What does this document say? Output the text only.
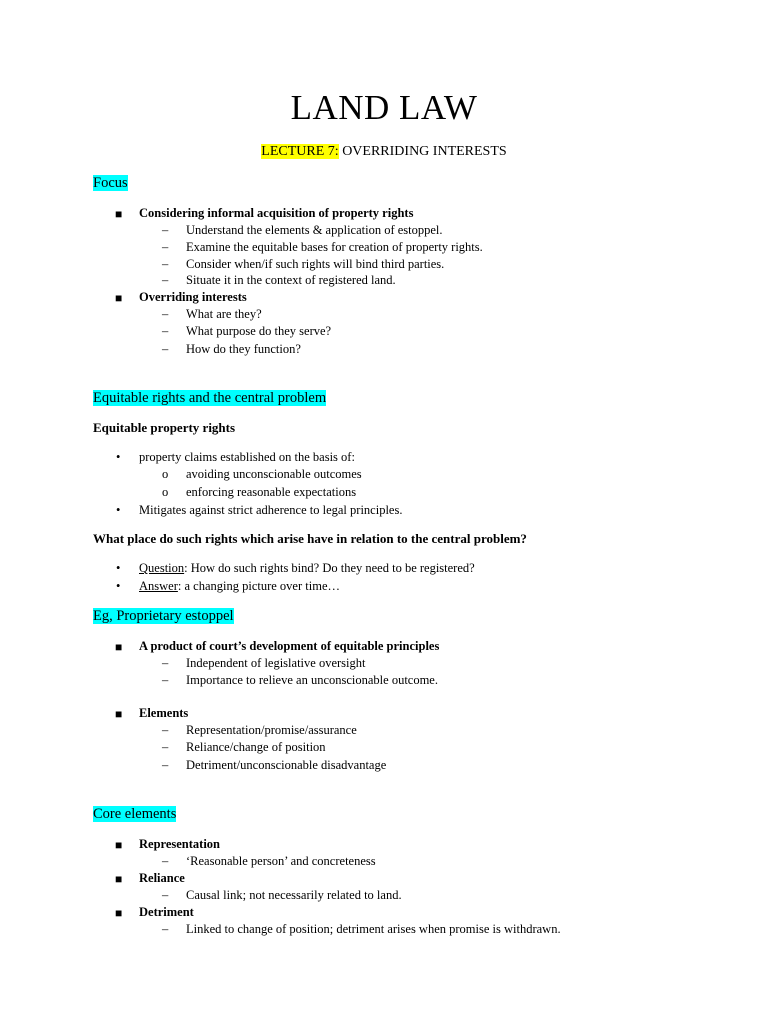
LAND LAW
LECTURE 7: OVERRIDING INTERESTS
Focus
■ Considering informal acquisition of property rights
– Understand the elements & application of estoppel.
– Examine the equitable bases for creation of property rights.
– Consider when/if such rights will bind third parties.
– Situate it in the context of registered land.
■ Overriding interests
– What are they?
– What purpose do they serve?
– How do they function?
Equitable rights and the central problem
Equitable property rights
• property claims established on the basis of:
o avoiding unconscionable outcomes
o enforcing reasonable expectations
• Mitigates against strict adherence to legal principles.
What place do such rights which arise have in relation to the central problem?
• Question: How do such rights bind? Do they need to be registered?
• Answer: a changing picture over time…
Eg, Proprietary estoppel
■ A product of court’s development of equitable principles
– Independent of legislative oversight
– Importance to relieve an unconscionable outcome.
■ Elements
– Representation/promise/assurance
– Reliance/change of position
– Detriment/unconscionable disadvantage
Core elements
■ Representation
– ‘Reasonable person’ and concreteness
■ Reliance
– Causal link; not necessarily related to land.
■ Detriment
– Linked to change of position; detriment arises when promise is withdrawn.
